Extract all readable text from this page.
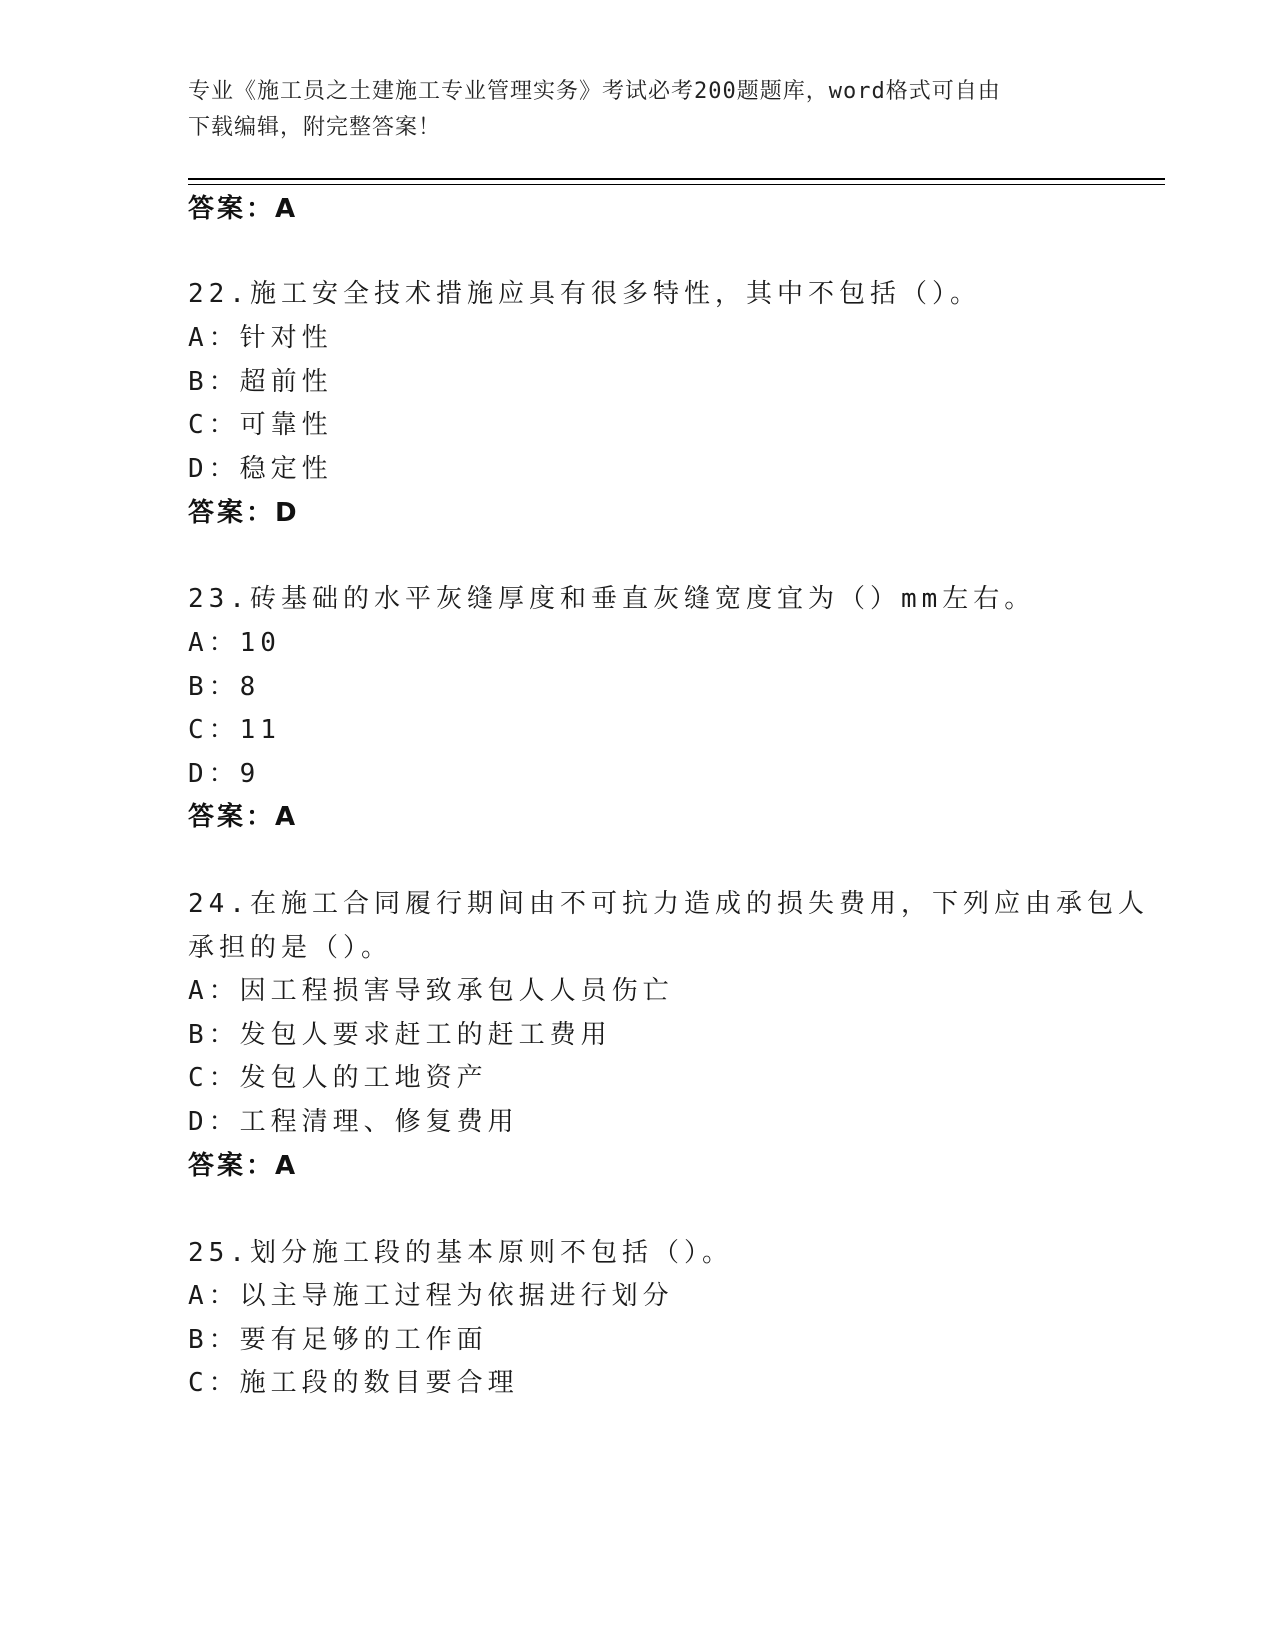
专业《施工员之土建施工专业管理实务》考试必考200题题库，word格式可自由
下载编辑，附完整答案！
答案：A
22.施工安全技术措施应具有很多特性，其中不包括（）。
A：针对性
B：超前性
C：可靠性
D：稳定性
答案：D
23.砖基础的水平灰缝厚度和垂直灰缝宽度宜为（）mm左右。
A：10
B：8
C：11
D：9
答案：A
24.在施工合同履行期间由不可抗力造成的损失费用，下列应由承包人
承担的是（）。
A：因工程损害导致承包人人员伤亡
B：发包人要求赶工的赶工费用
C：发包人的工地资产
D：工程清理、修复费用
答案：A
25.划分施工段的基本原则不包括（）。
A：以主导施工过程为依据进行划分
B：要有足够的工作面
C：施工段的数目要合理
